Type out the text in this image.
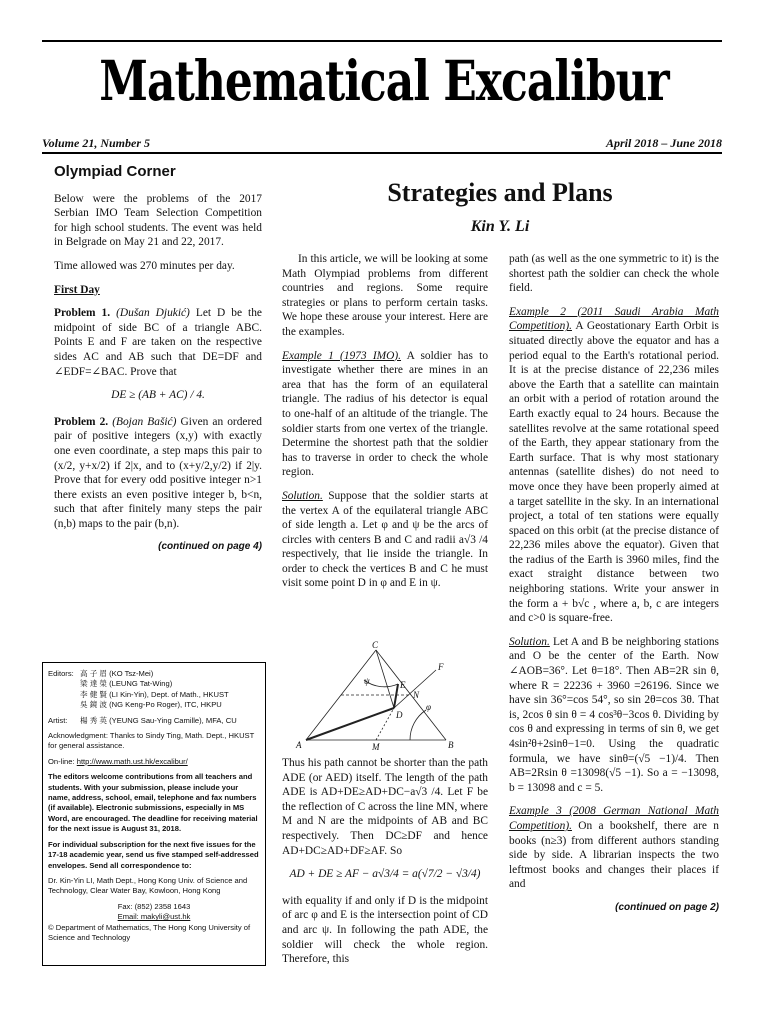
Mathematical Excalibur
Volume 21, Number 5	April 2018 – June 2018
Olympiad Corner

Below were the problems of the 2017 Serbian IMO Team Selection Competition for high school students. The event was held in Belgrade on May 21 and 22, 2017.

Time allowed was 270 minutes per day.

First Day

Problem 1. (Dušan Djukić) Let D be the midpoint of side BC of a triangle ABC. Points E and F are taken on the respective sides AC and AB such that DE=DF and ∠EDF=∠BAC. Prove that

DE ≥ (AB + AC) / 4.

Problem 2. (Bojan Bašić) Given an ordered pair of positive integers (x,y) with exactly one even coordinate, a step maps this pair to (x/2, y+x/2) if 2|x, and to (x+y/2,y/2) if 2|y. Prove that for every odd positive integer n>1 there exists an even positive integer b, b<n, such that after finitely many steps the pair (n,b) maps to the pair (b,n).

(continued on page 4)
Editors: 高 子 眉 (KO Tsz-Mei)
梁 達 榮 (LEUNG Tat-Wing)
李 健 賢 (LI Kin-Yin), Dept. of Math., HKUST
吳 鏡 波 (NG Keng-Po Roger), ITC, HKPU
Artist:	楊 秀 英 (YEUNG Sau-Ying Camille), MFA, CU
Acknowledgment: Thanks to Sindy Ting, Math. Dept., HKUST for general assistance.
On-line: http://www.math.ust.hk/excalibur/
The editors welcome contributions from all teachers and students. With your submission, please include your name, address, school, email, telephone and fax numbers (if available). Electronic submissions, especially in MS Word, are encouraged. The deadline for receiving material for the next issue is August 31, 2018.
For individual subscription for the next five issues for the 17-18 academic year, send us five stamped self-addressed envelopes. Send all correspondence to:
Dr. Kin-Yin LI, Math Dept., Hong Kong Univ. of Science and Technology, Clear Water Bay, Kowloon, Hong Kong
Fax: (852) 2358 1643
Email: makyli@ust.hk
© Department of Mathematics, The Hong Kong University of Science and Technology
Strategies and Plans
Kin Y. Li

In this article, we will be looking at some Math Olympiad problems from different countries and regions. Some require strategies or plans to perform certain tasks. We hope these arouse your interest. Here are the examples.

Example 1 (1973 IMO). A soldier has to investigate whether there are mines in an area that has the form of an equilateral triangle. The radius of his detector is equal to one-half of an altitude of the triangle. The soldier starts from one vertex of the triangle. Determine the shortest path that the soldier has to traverse in order to check the whole region.

Solution. Suppose that the soldier starts at the vertex A of the equilateral triangle ABC of side length a. Let φ and ψ be the arcs of circles with centers B and C and radii a√3 /4 respectively, that lie inside the triangle. In order to check the vertices B and C he must visit some point D in φ and E in ψ.

C
ψ	E
N
F
φ
D
A	M	B

Thus his path cannot be shorter than the path ADE (or AED) itself. The length of the path ADE is AD+DE≥AD+DC−a√3 /4. Let F be the reflection of C across the line MN, where M and N are the midpoints of AB and BC respectively. Then DC≥DF and hence AD+DC≥AD+DF≥AF. So

AD + DE ≥ AF − a√3/4 = a(√7/2 − √3/4)

with equality if and only if D is the midpoint of arc φ and E is the intersection point of CD and arc ψ. In following the path ADE, the soldier will check the whole region. Therefore, this

path (as well as the one symmetric to it) is the shortest path the soldier can check the whole field.

Example 2 (2011 Saudi Arabia Math Competition). A Geostationary Earth Orbit is situated directly above the equator and has a period equal to the Earth's rotational period. It is at the precise distance of 22,236 miles above the Earth that a satellite can maintain an orbit with a period of rotation around the Earth exactly equal to 24 hours. Because the satellites revolve at the same rotational speed of the Earth, they appear stationary from the Earth surface. That is why most stationary antennas (satellite dishes) do not need to move once they have been properly aimed at a target satellite in the sky. In an international project, a total of ten stations were equally spaced on this orbit (at the precise distance of 22,236 miles above the equator). Given that the radius of the Earth is 3960 miles, find the exact straight distance between two neighboring stations. Write your answer in the form a + b√c , where a, b, c are integers and c>0 is square-free.

Solution. Let A and B be neighboring stations and O be the center of the Earth. Now ∠AOB=36°. Let θ=18°. Then AB=2R sin θ, where R = 22236 + 3960 =26196. Since we have sin 36°=cos 54°, so sin 2θ=cos 3θ. That is, 2cos θ sin θ = 4 cos³θ−3cos θ. Dividing by cos θ and expressing in terms of sin θ, we get 4sin²θ+2sinθ−1=0. Using the quadratic formula, we have sinθ=(√5 −1)/4. Then AB=2Rsin θ =13098(√5 −1). So a = −13098, b = 13098 and c = 5.

Example 3 (2008 German National Math Competition). On a bookshelf, there are n books (n≥3) from different authors standing side by side. A librarian inspects the two leftmost books and changes their places if and

(continued on page 2)
